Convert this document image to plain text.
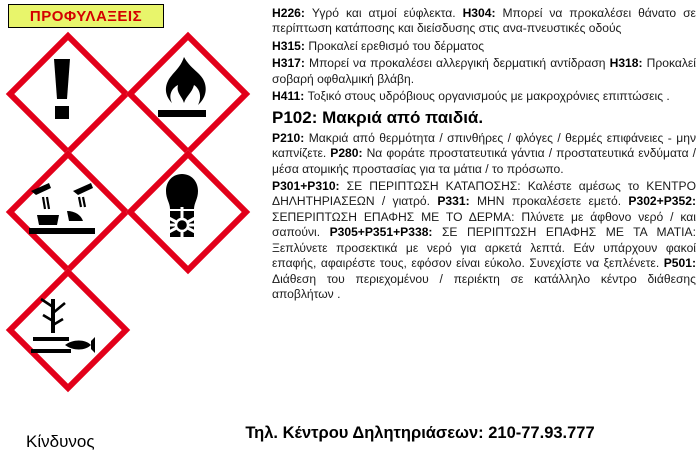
ΠΡΟΦΥΛΑΞΕΙΣ
Κίνδυνος

H226: Υγρό και ατμοί εύφλεκτα. H304: Μπορεί να προκαλέσει θάνατο σε περίπτωση κατάποσης και διείσδυσης στις ανα-πνευστικές οδούς

H315: Προκαλεί ερεθισμό του δέρματος

H317: Μπορεί να προκαλέσει αλλεργική δερματική αντίδραση H318: Προκαλεί σοβαρή οφθαλμική βλάβη.

H411: Τοξικό στους υδρόβιους οργανισμούς με μακροχρόνιες επιπτώσεις .

P102: Μακριά από παιδιά.

P210: Μακριά από θερμότητα / σπινθήρες / φλόγες / θερμές επιφάνειες - μην καπνίζετε. P280: Να φοράτε προστατευτικά γάντια / προστατευτικά ενδύματα / μέσα ατομικής προστασίας για τα μάτια / το πρόσωπο.

P301+P310: ΣΕ ΠΕΡΙΠΤΩΣΗ ΚΑΤΑΠΟΣΗΣ: Καλέστε αμέσως το ΚΕΝΤΡΟ ΔΗΛΗΤΗΡΙΑΣΕΩΝ / γιατρό. P331: ΜΗΝ προκαλέσετε εμετό. P302+P352: ΣΕΠΕΡΙΠΤΩΣΗ ΕΠΑΦΗΣ ΜΕ ΤΟ ΔΕΡΜΑ: Πλύνετε με άφθονο νερό / και σαπούνι. P305+P351+P338: ΣΕ ΠΕΡΙΠΤΩΣΗ ΕΠΑΦΗΣ ΜΕ ΤΑ ΜΑΤΙΑ: Ξεπλύνετε προσεκτικά με νερό για αρκετά λεπτά. Εάν υπάρχουν φακοί επαφής, αφαιρέστε τους, εφόσον είναι εύκολο. Συνεχίστε να ξεπλένετε. P501: Διάθεση του περιεχομένου / περιέκτη σε κατάλληλο κέντρο διάθεσης αποβλήτων .

Τηλ. Κέντρου Δηλητηριάσεων: 210-77.93.777
